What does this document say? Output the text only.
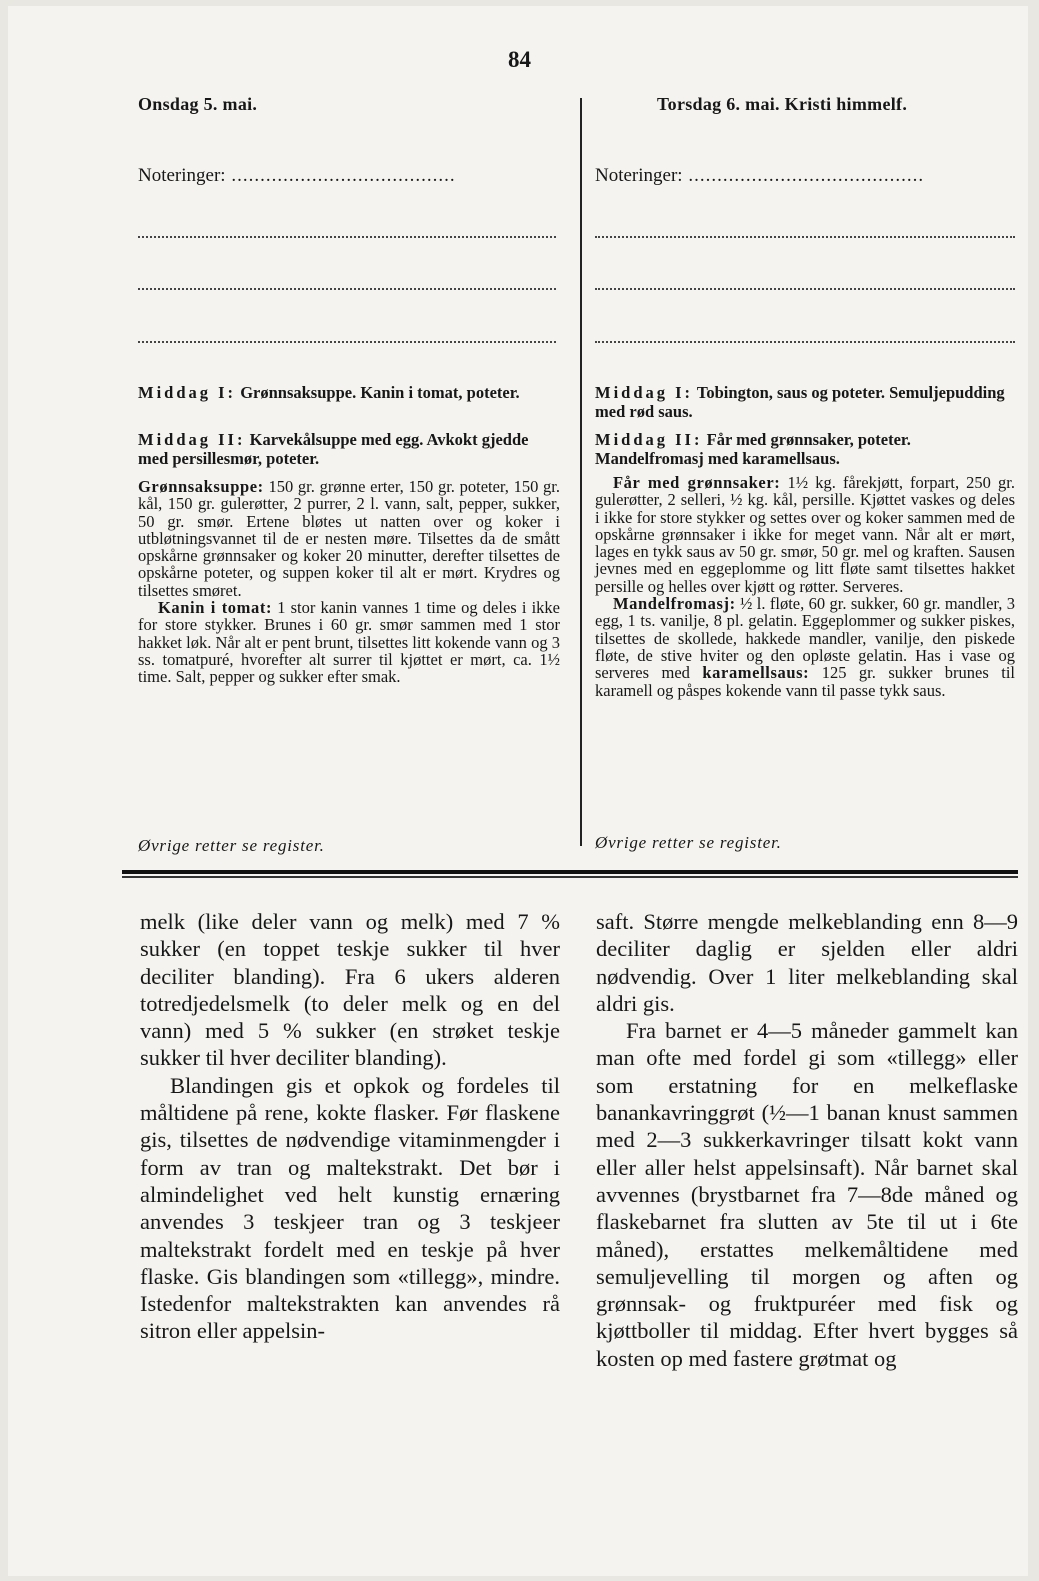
84
Onsdag 5. mai.
Noteringer: .......................................
Middag I: Grønnsaksuppe. Kanin i tomat, poteter.
Middag II: Karvekålsuppe med egg. Avkokt gjedde med persillesmør, poteter.
Grønnsaksuppe: 150 gr. grønne erter, 150 gr. poteter, 150 gr. kål, 150 gr. gulerøtter, 2 purrer, 2 l. vann, salt, pepper, sukker, 50 gr. smør. Ertene bløtes ut natten over og koker i utbløtningsvannet til de er nesten møre. Tilsettes da de smått opskårne grønnsaker og koker 20 minutter, derefter tilsettes de opskårne poteter, og suppen koker til alt er mørt. Krydres og tilsettes smøret.
Kanin i tomat: 1 stor kanin vannes 1 time og deles i ikke for store stykker. Brunes i 60 gr. smør sammen med 1 stor hakket løk. Når alt er pent brunt, tilsettes litt kokende vann og 3 ss. tomatpuré, hvorefter alt surrer til kjøttet er mørt, ca. 1½ time. Salt, pepper og sukker efter smak.
Øvrige retter se register.
Torsdag 6. mai. Kristi himmelf.
Noteringer: .........................................
Middag I: Tobington, saus og poteter. Semuljepudding med rød saus.
Middag II: Får med grønnsaker, poteter. Mandelfromasj med karamellsaus.
Får med grønnsaker: 1½ kg. fårekjøtt, forpart, 250 gr. gulerøtter, 2 selleri, ½ kg. kål, persille. Kjøttet vaskes og deles i ikke for store stykker og settes over og koker sammen med de opskårne grønnsaker i ikke for meget vann. Når alt er mørt, lages en tykk saus av 50 gr. smør, 50 gr. mel og kraften. Sausen jevnes med en eggeplomme og litt fløte samt tilsettes hakket persille og helles over kjøtt og røtter. Serveres.
Mandelfromasj: ½ l. fløte, 60 gr. sukker, 60 gr. mandler, 3 egg, 1 ts. vanilje, 8 pl. gelatin. Eggeplommer og sukker piskes, tilsettes de skollede, hakkede mandler, vanilje, den piskede fløte, de stive hviter og den opløste gelatin. Has i vase og serveres med karamellsaus: 125 gr. sukker brunes til karamell og påspes kokende vann til passe tykk saus.
Øvrige retter se register.

melk (like deler vann og melk) med 7 % sukker (en toppet teskje sukker til hver deciliter blanding). Fra 6 ukers alderen totredjedelsmelk (to deler melk og en del vann) med 5 % sukker (en strøket teskje sukker til hver deciliter blanding).

Blandingen gis et opkok og fordeles til måltidene på rene, kokte flasker. Før flaskene gis, tilsettes de nødvendige vitaminmengder i form av tran og maltekstrakt. Det bør i almindelighet ved helt kunstig ernæring anvendes 3 teskjeer tran og 3 teskjeer maltekstrakt fordelt med en teskje på hver flaske. Gis blandingen som «tillegg», mindre. Istedenfor maltekstrakten kan anvendes rå sitron eller appelsin-

saft. Større mengde melkeblanding enn 8—9 deciliter daglig er sjelden eller aldri nødvendig. Over 1 liter melkeblanding skal aldri gis.

Fra barnet er 4—5 måneder gammelt kan man ofte med fordel gi som «tillegg» eller som erstatning for en melkeflaske banankavringgrøt (½—1 banan knust sammen med 2—3 sukkerkavringer tilsatt kokt vann eller aller helst appelsinsaft). Når barnet skal avvennes (brystbarnet fra 7—8de måned og flaskebarnet fra slutten av 5te til ut i 6te måned), erstattes melkemåltidene med semuljevelling til morgen og aften og grønnsak- og fruktpuréer med fisk og kjøttboller til middag. Efter hvert bygges så kosten op med fastere grøtmat og
